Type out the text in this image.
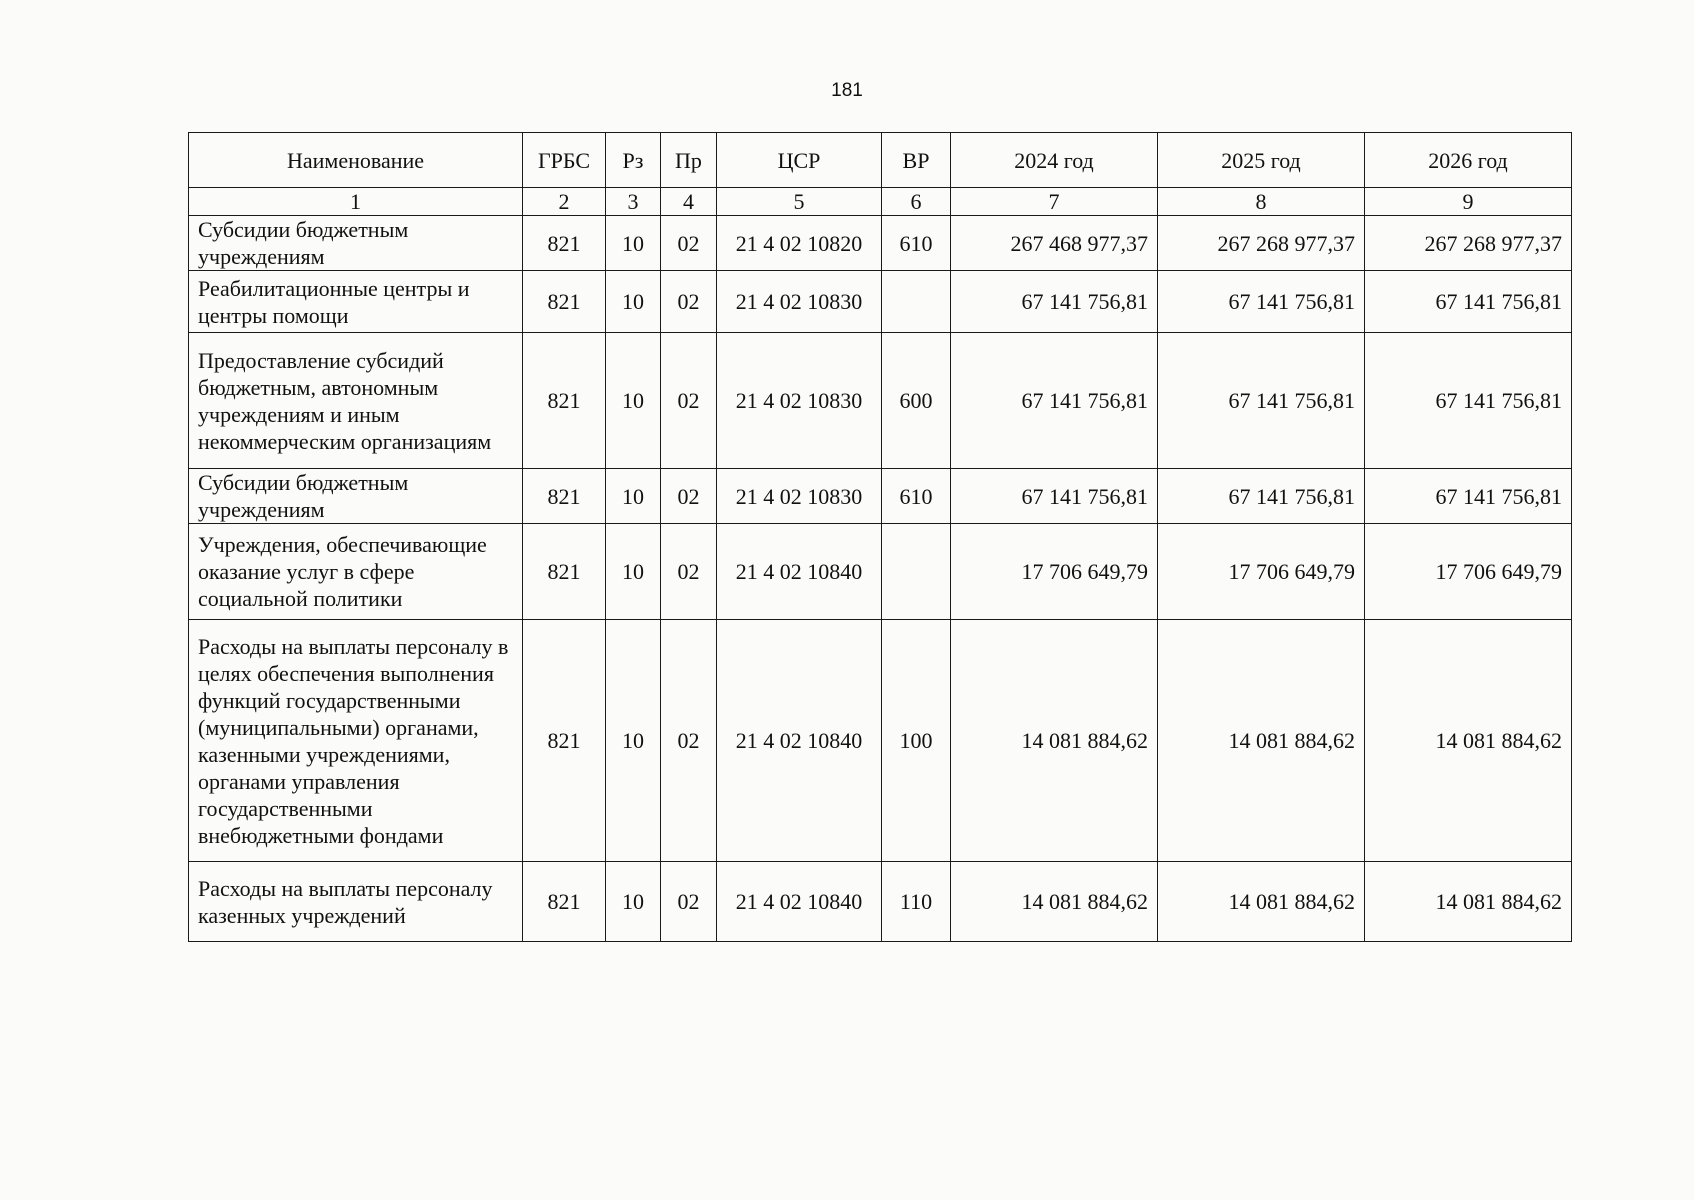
181
Наименование	ГРБС	Рз	Пр	ЦСР	ВР	2024 год	2025 год	2026 год
1	2	3	4	5	6	7	8	9
Субсидии бюджетным учреждениям	821	10	02	21 4 02 10820	610	267 468 977,37	267 268 977,37	267 268 977,37
Реабилитационные центры и центры помощи	821	10	02	21 4 02 10830		67 141 756,81	67 141 756,81	67 141 756,81
Предоставление субсидий бюджетным, автономным учреждениям и иным некоммерческим организациям	821	10	02	21 4 02 10830	600	67 141 756,81	67 141 756,81	67 141 756,81
Субсидии бюджетным учреждениям	821	10	02	21 4 02 10830	610	67 141 756,81	67 141 756,81	67 141 756,81
Учреждения, обеспечивающие оказание услуг в сфере социальной политики	821	10	02	21 4 02 10840		17 706 649,79	17 706 649,79	17 706 649,79
Расходы на выплаты персоналу в целях обеспечения выполнения функций государственными (муниципальными) органами, казенными учреждениями, органами управления государственными внебюджетными фондами	821	10	02	21 4 02 10840	100	14 081 884,62	14 081 884,62	14 081 884,62
Расходы на выплаты персоналу казенных учреждений	821	10	02	21 4 02 10840	110	14 081 884,62	14 081 884,62	14 081 884,62
